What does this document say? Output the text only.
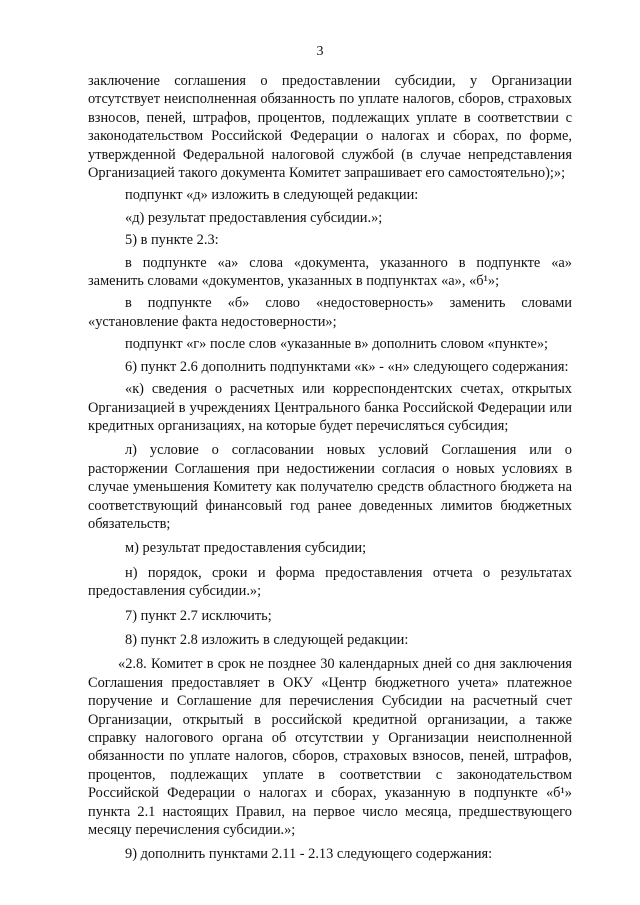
3

заключение соглашения о предоставлении субсидии, у Организации отсутствует неисполненная обязанность по уплате налогов, сборов, страховых взносов, пеней, штрафов, процентов, подлежащих уплате в соответствии с законодательством Российской Федерации о налогах и сборах, по форме, утвержденной Федеральной налоговой службой (в случае непредставления Организацией такого документа Комитет запрашивает его самостоятельно);»;

подпункт «д» изложить в следующей редакции:

«д) результат предоставления субсидии.»;

5) в пункте 2.3:

в подпункте «а» слова «документа, указанного в подпункте «а» заменить словами «документов, указанных в подпунктах «а», «б¹»;

в подпункте «б» слово «недостоверность» заменить словами «установление факта недостоверности»;

подпункт «г» после слов «указанные в» дополнить словом «пункте»;

6) пункт 2.6 дополнить подпунктами «к» - «н» следующего содержания:

«к) сведения о расчетных или корреспондентских счетах, открытых Организацией в учреждениях Центрального банка Российской Федерации или кредитных организациях, на которые будет перечисляться субсидия;

л) условие о согласовании новых условий Соглашения или о расторжении Соглашения при недостижении согласия о новых условиях в случае уменьшения Комитету как получателю средств областного бюджета на соответствующий финансовый год ранее доведенных лимитов бюджетных обязательств;

м) результат предоставления субсидии;

н) порядок, сроки и форма предоставления отчета о результатах предоставления субсидии.»;

7) пункт 2.7 исключить;

8) пункт 2.8 изложить в следующей редакции:

«2.8. Комитет в срок не позднее 30 календарных дней со дня заключения Соглашения предоставляет в ОКУ «Центр бюджетного учета» платежное поручение и Соглашение для перечисления Субсидии на расчетный счет Организации, открытый в российской кредитной организации, а также справку налогового органа об отсутствии у Организации неисполненной обязанности по уплате налогов, сборов, страховых взносов, пеней, штрафов, процентов, подлежащих уплате в соответствии с законодательством Российской Федерации о налогах и сборах, указанную в подпункте «б¹» пункта 2.1 настоящих Правил, на первое число месяца, предшествующего месяцу перечисления субсидии.»;

9) дополнить пунктами 2.11 - 2.13 следующего содержания:
